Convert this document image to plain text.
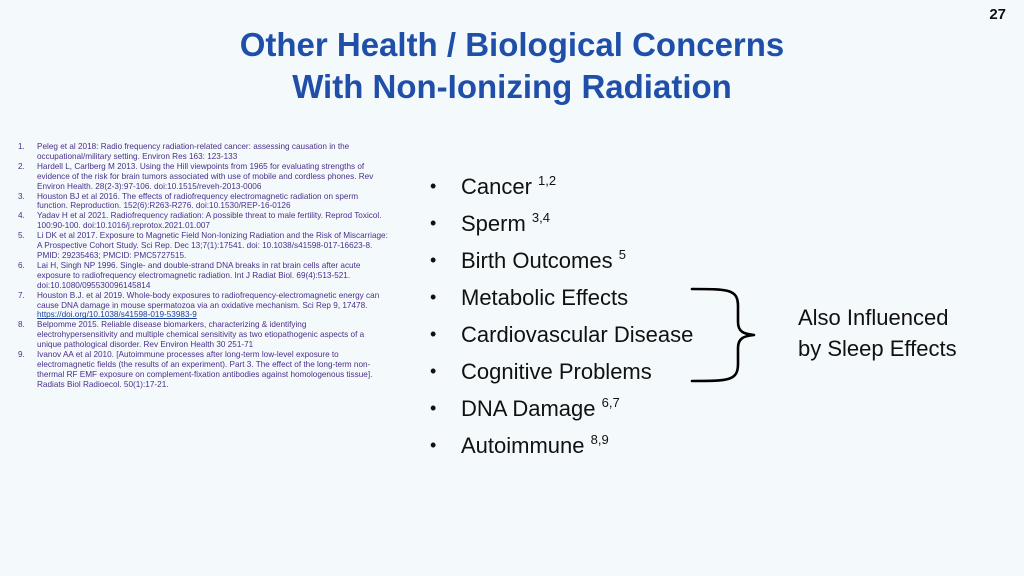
27
Other Health / Biological Concerns
With Non-Ionizing Radiation
1. Peleg et al 2018: Radio frequency radiation-related cancer: assessing causation in the occupational/military setting. Environ Res 163: 123-133
2. Hardell L, Carlberg M 2013. Using the Hill viewpoints from 1965 for evaluating strengths of evidence of the risk for brain tumors associated with use of mobile and cordless phones. Rev Environ Health. 28(2-3):97-106. doi:10.1515/reveh-2013-0006
3. Houston BJ et al 2016. The effects of radiofrequency electromagnetic radiation on sperm function. Reproduction. 152(6):R263-R276. doi:10.1530/REP-16-0126
4. Yadav H et al 2021. Radiofrequency radiation: A possible threat to male fertility. Reprod Toxicol. 100:90-100. doi:10.1016/j.reprotox.2021.01.007
5. Li DK et al 2017. Exposure to Magnetic Field Non-Ionizing Radiation and the Risk of Miscarriage: A Prospective Cohort Study. Sci Rep. Dec 13;7(1):17541. doi: 10.1038/s41598-017-16623-8. PMID: 29235463; PMCID: PMC5727515.
6. Lai H, Singh NP 1996. Single- and double-strand DNA breaks in rat brain cells after acute exposure to radiofrequency electromagnetic radiation. Int J Radiat Biol. 69(4):513-521. doi:10.1080/095530096145814
7. Houston B.J. et al 2019. Whole-body exposures to radiofrequency-electromagnetic energy can cause DNA damage in mouse spermatozoa via an oxidative mechanism. Sci Rep 9, 17478. https://doi.org/10.1038/s41598-019-53983-9
8. Belpomme 2015. Reliable disease biomarkers, characterizing & identifying electrohypersensitivity and multiple chemical sensitivity as two etiopathogenic aspects of a unique pathological disorder. Rev Environ Health 30 251-71
9. Ivanov AA et al 2010. [Autoimmune processes after long-term low-level exposure to electromagnetic fields (the results of an experiment). Part 3. The effect of the long-term non-thermal RF EMF exposure on complement-fixation antibodies against homologenous tissue]. Radiats Biol Radioecol. 50(1):17-21.
• Cancer $^{1,2}$
• Sperm $^{3,4}$
• Birth Outcomes $^5$
• Metabolic Effects
• Cardiovascular Disease
• Cognitive Problems
• DNA Damage $^{6,7}$
• Autoimmune $^{8,9}$
Also Influenced
by Sleep Effects
